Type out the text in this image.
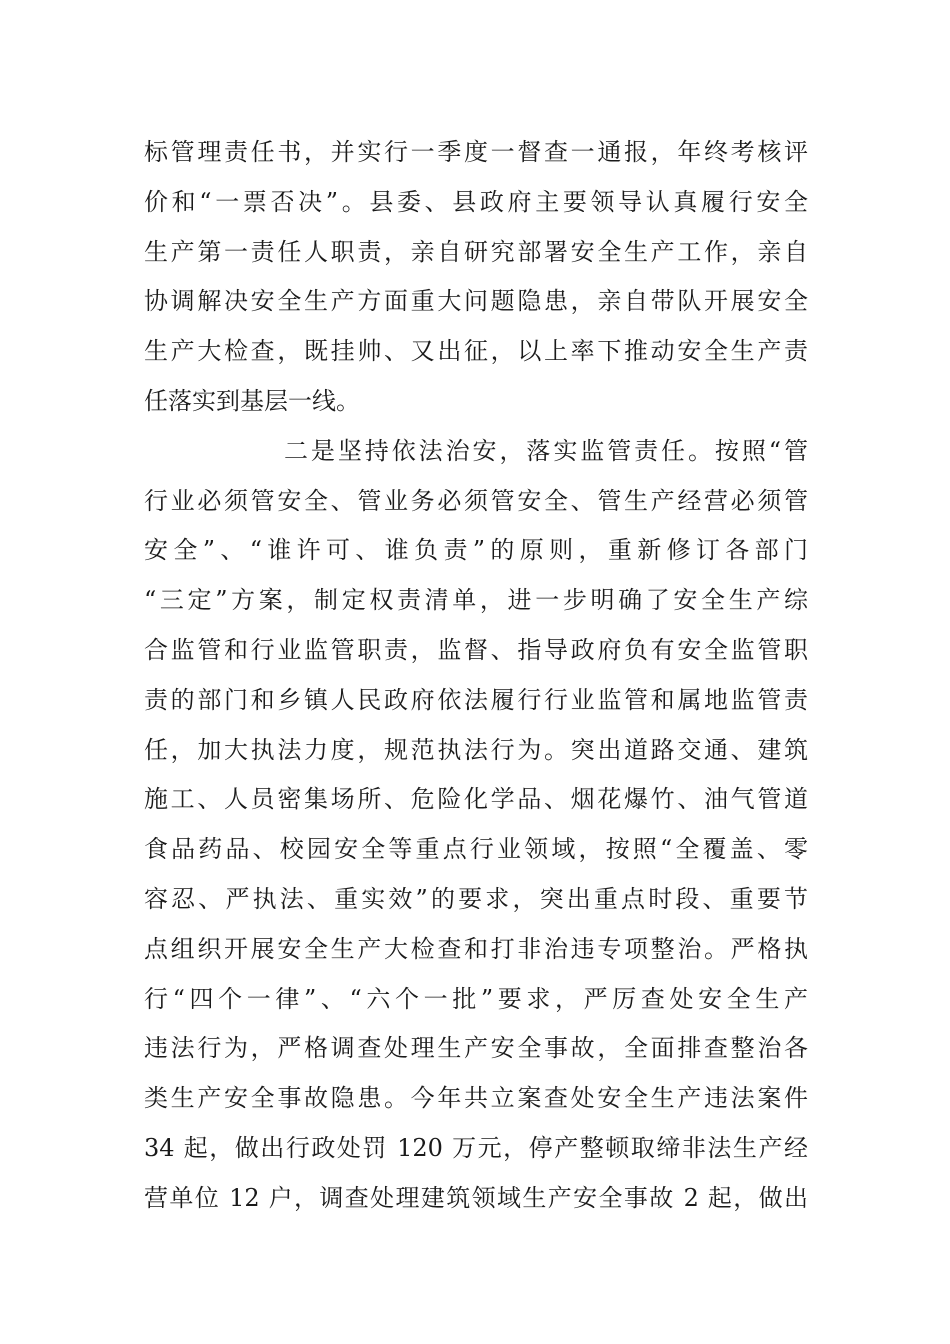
标管理责任书，并实行一季度一督查一通报，年终考核评
价和“一票否决”。县委、县政府主要领导认真履行安全
生产第一责任人职责，亲自研究部署安全生产工作，亲自
协调解决安全生产方面重大问题隐患，亲自带队开展安全
生产大检查，既挂帅、又出征，以上率下推动安全生产责
任落实到基层一线。
二是坚持依法治安，落实监管责任。按照“管
行业必须管安全、管业务必须管安全、管生产经营必须管
安全”、“谁许可、谁负责”的原则，重新修订各部门
“三定”方案，制定权责清单，进一步明确了安全生产综
合监管和行业监管职责，监督、指导政府负有安全监管职
责的部门和乡镇人民政府依法履行行业监管和属地监管责
任，加大执法力度，规范执法行为。突出道路交通、建筑
施工、人员密集场所、危险化学品、烟花爆竹、油气管道
食品药品、校园安全等重点行业领域，按照“全覆盖、零
容忍、严执法、重实效”的要求，突出重点时段、重要节
点组织开展安全生产大检查和打非治违专项整治。严格执
行“四个一律”、“六个一批”要求，严厉查处安全生产
违法行为，严格调查处理生产安全事故，全面排查整治各
类生产安全事故隐患。今年共立案查处安全生产违法案件
34 起，做出行政处罚 120 万元，停产整顿取缔非法生产经
营单位 12 户，调查处理建筑领域生产安全事故 2 起，做出
